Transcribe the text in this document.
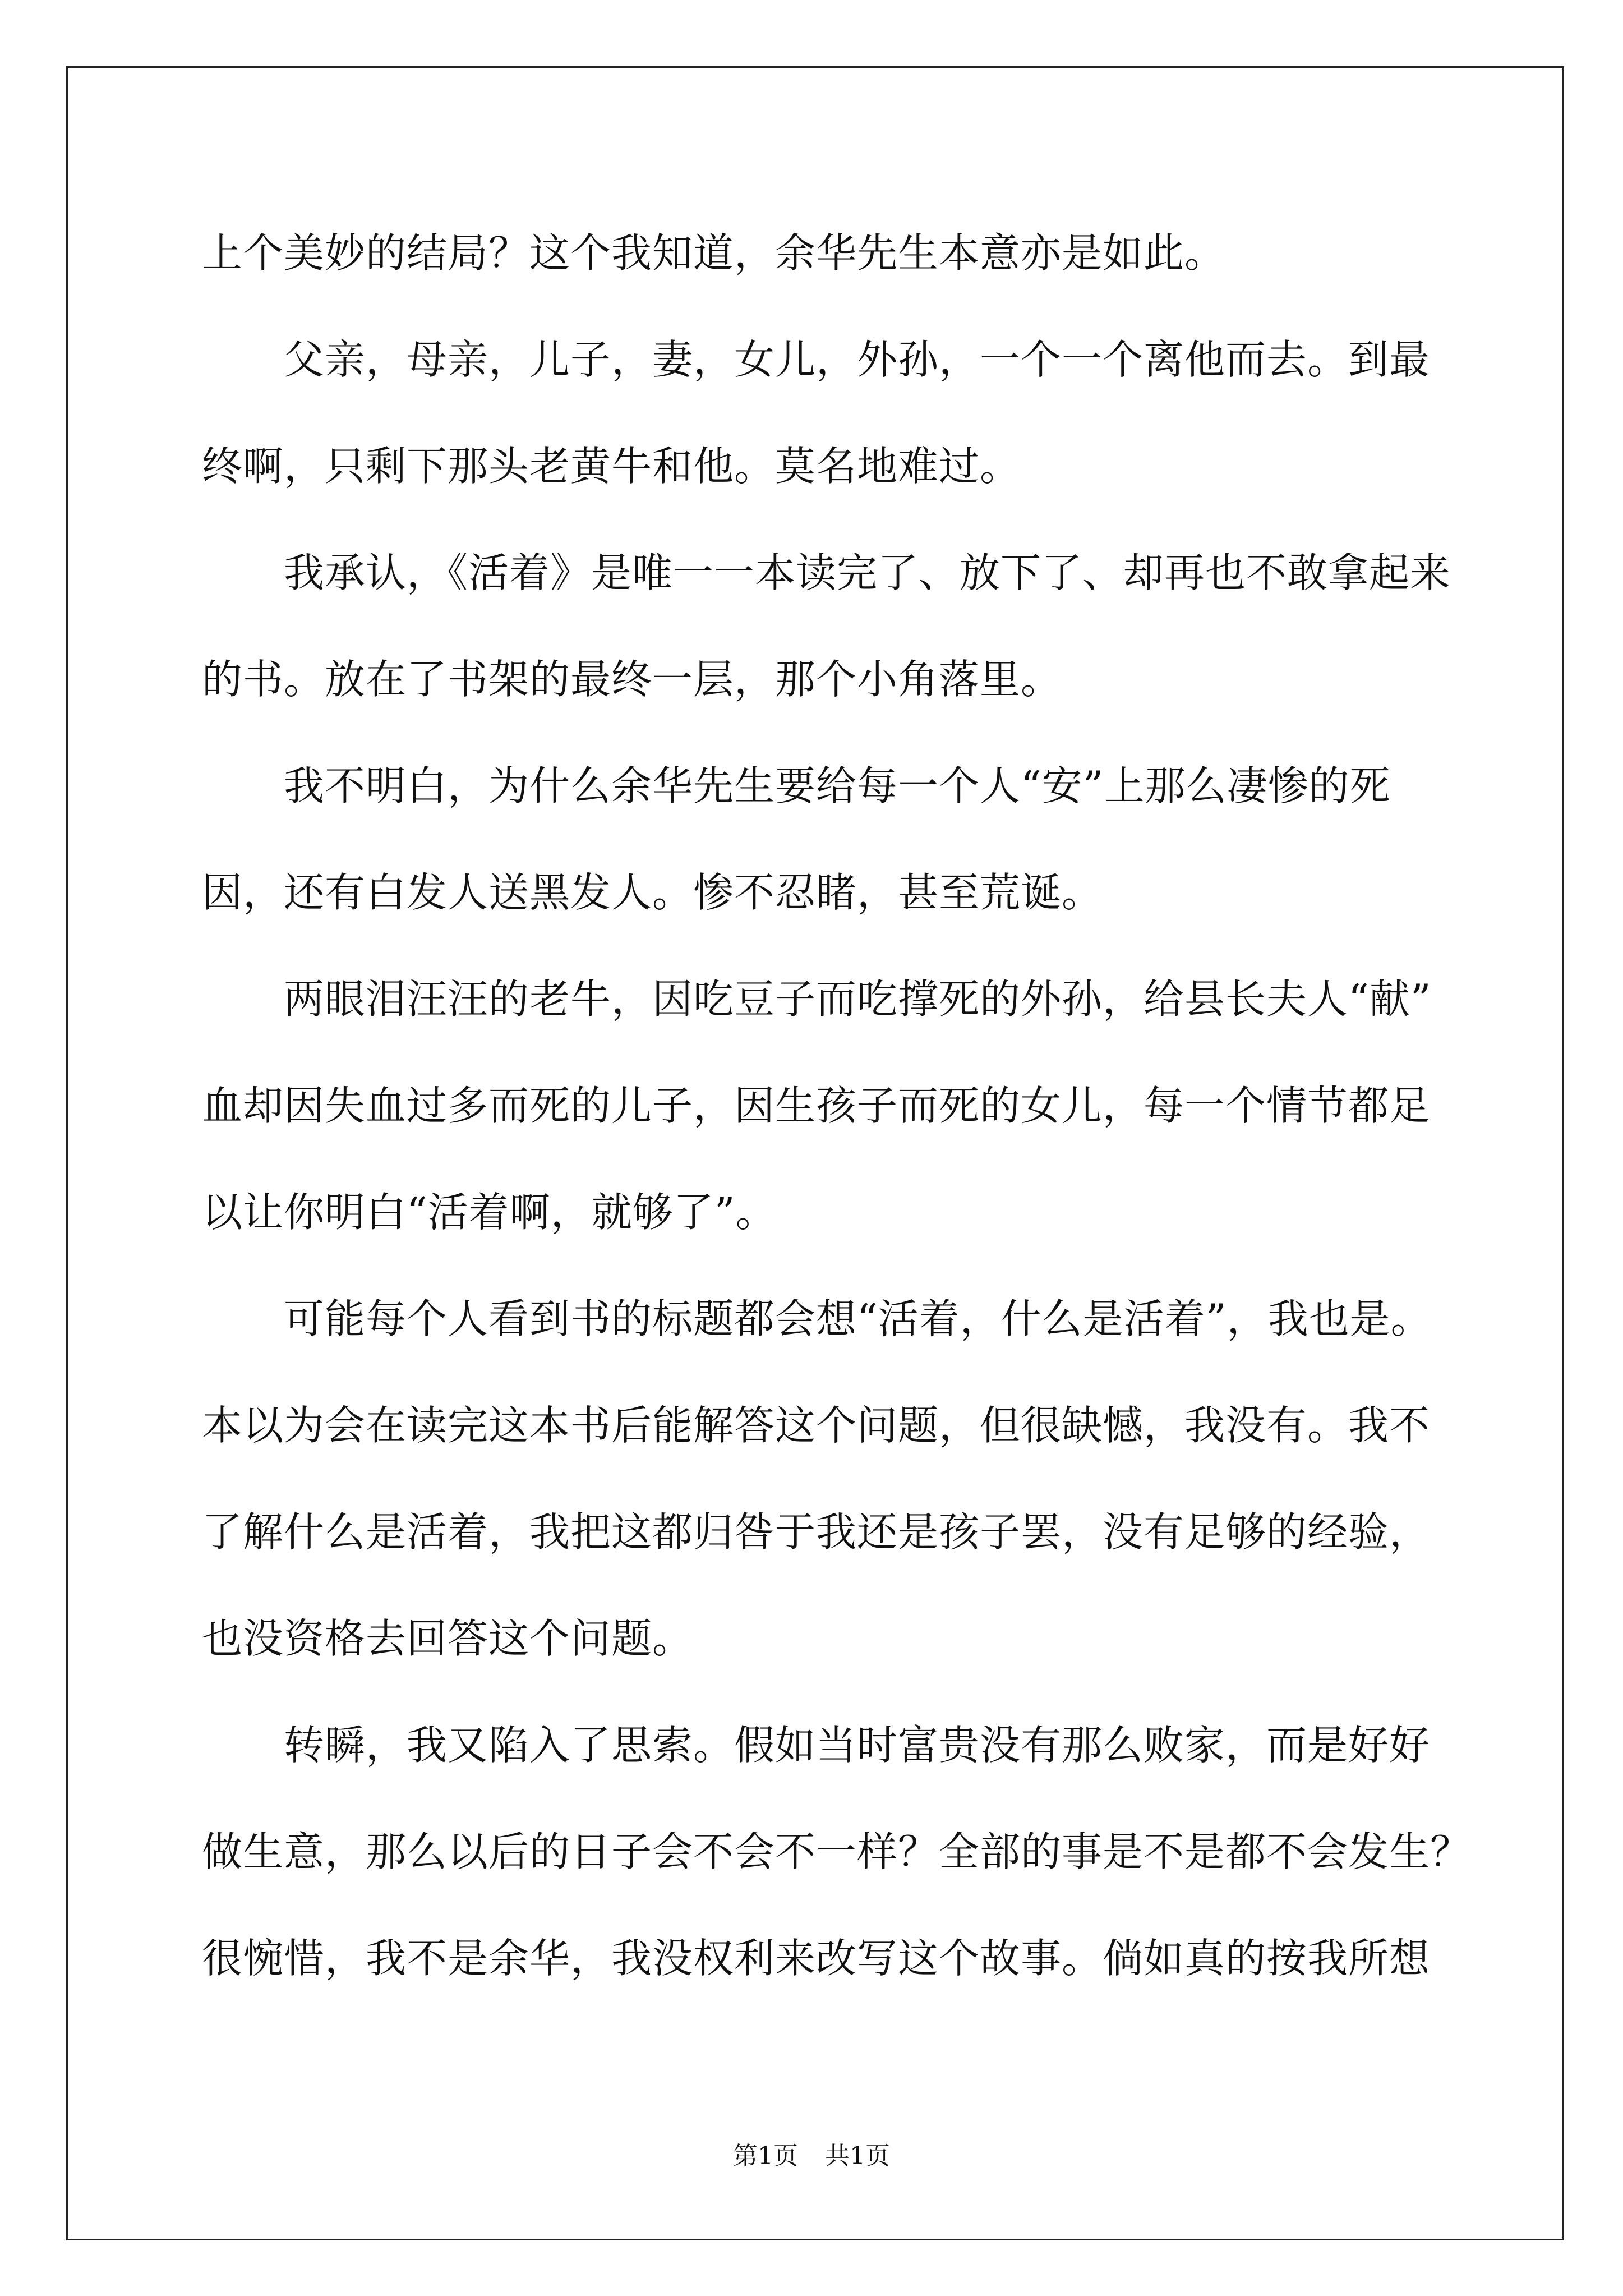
上个美妙的结局？这个我知道，余华先生本意亦是如此。
父亲，母亲，儿子，妻，女儿，外孙，一个一个离他而去。到最
终啊，只剩下那头老黄牛和他。莫名地难过。
我承认，《活着》是唯一一本读完了、放下了、却再也不敢拿起来
的书。放在了书架的最终一层，那个小角落里。
我不明白，为什么余华先生要给每一个人“安”上那么凄惨的死
因，还有白发人送黑发人。惨不忍睹，甚至荒诞。
两眼泪汪汪的老牛，因吃豆子而吃撑死的外孙，给县长夫人“献”
血却因失血过多而死的儿子，因生孩子而死的女儿，每一个情节都足
以让你明白“活着啊，就够了”。
可能每个人看到书的标题都会想“活着，什么是活着”，我也是。
本以为会在读完这本书后能解答这个问题，但很缺憾，我没有。我不
了解什么是活着，我把这都归咎于我还是孩子罢，没有足够的经验，
也没资格去回答这个问题。
转瞬，我又陷入了思索。假如当时富贵没有那么败家，而是好好
做生意，那么以后的日子会不会不一样？全部的事是不是都不会发生？
很惋惜，我不是余华，我没权利来改写这个故事。倘如真的按我所想
第1页 共1页
